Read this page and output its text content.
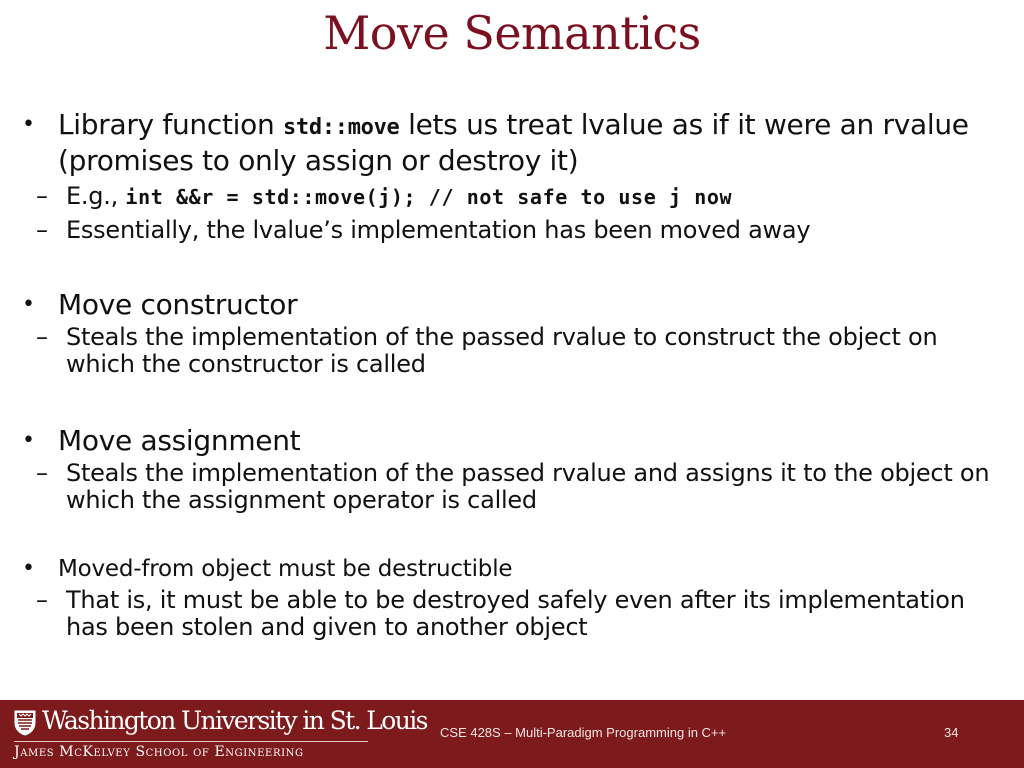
Move Semantics
• Library function std::move lets us treat lvalue as if it were an rvalue (promises to only assign or destroy it)
– E.g., int &&r = std::move(j); // not safe to use j now
– Essentially, the lvalue’s implementation has been moved away
• Move constructor
– Steals the implementation of the passed rvalue to construct the object on which the constructor is called
• Move assignment
– Steals the implementation of the passed rvalue and assigns it to the object on which the assignment operator is called
• Moved-from object must be destructible
– That is, it must be able to be destroyed safely even after its implementation has been stolen and given to another object
Washington University in St. Louis
James McKelvey School of Engineering
CSE 428S – Multi-Paradigm Programming in C++	34
